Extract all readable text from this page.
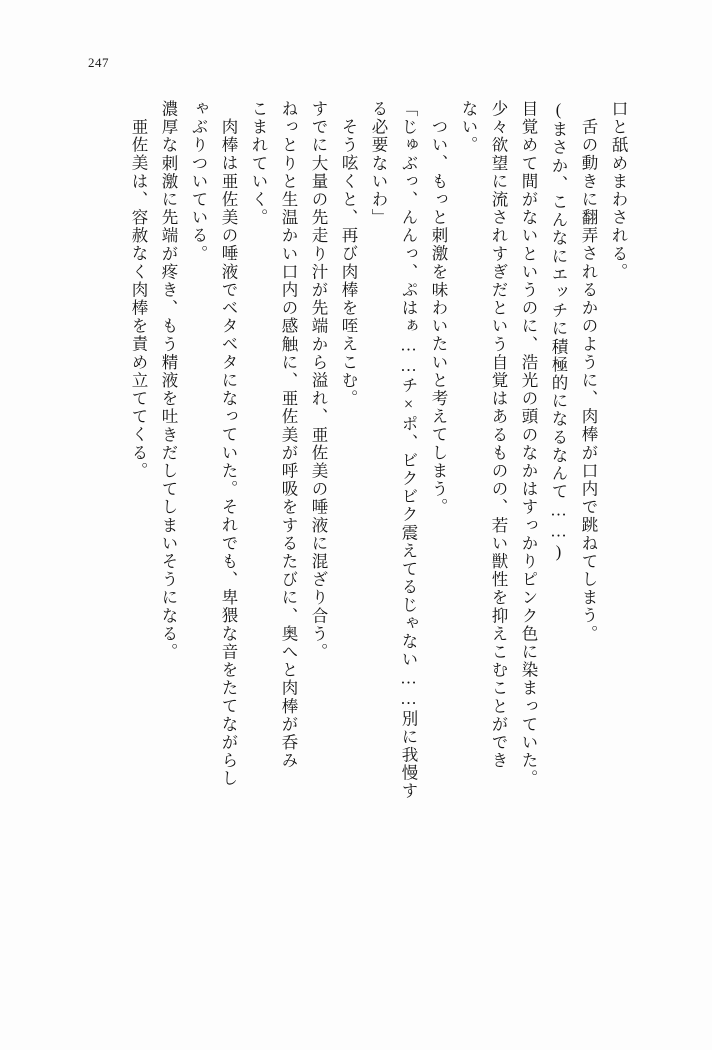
247
口と舐めまわされる。
舌の動きに翻弄されるかのように、肉棒が口内で跳ねてしまう。
(まさか、こんなにエッチに積極的になるなんて……)
目覚めて間がないというのに、浩光の頭のなかはすっかりピンク色に染まっていた。
少々欲望に流されすぎだという自覚はあるものの、若い獣性を抑えこむことができ
ない。
つい、もっと刺激を味わいたいと考えてしまう。
「じゅぶっ、んんっ、ぷはぁ……チ×ポ、ビクビク震えてるじゃない……別に我慢す
る必要ないわ」
そう呟くと、再び肉棒を咥えこむ。
すでに大量の先走り汁が先端から溢れ、亜佐美の唾液に混ざり合う。
ねっとりと生温かい口内の感触に、亜佐美が呼吸をするたびに、奥へと肉棒が呑み
こまれていく。
肉棒は亜佐美の唾液でベタベタになっていた。それでも、卑猥な音をたてながらし
ゃぶりついている。
濃厚な刺激に先端が疼き、もう精液を吐きだしてしまいそうになる。
亜佐美は、容赦なく肉棒を責め立ててくる。
